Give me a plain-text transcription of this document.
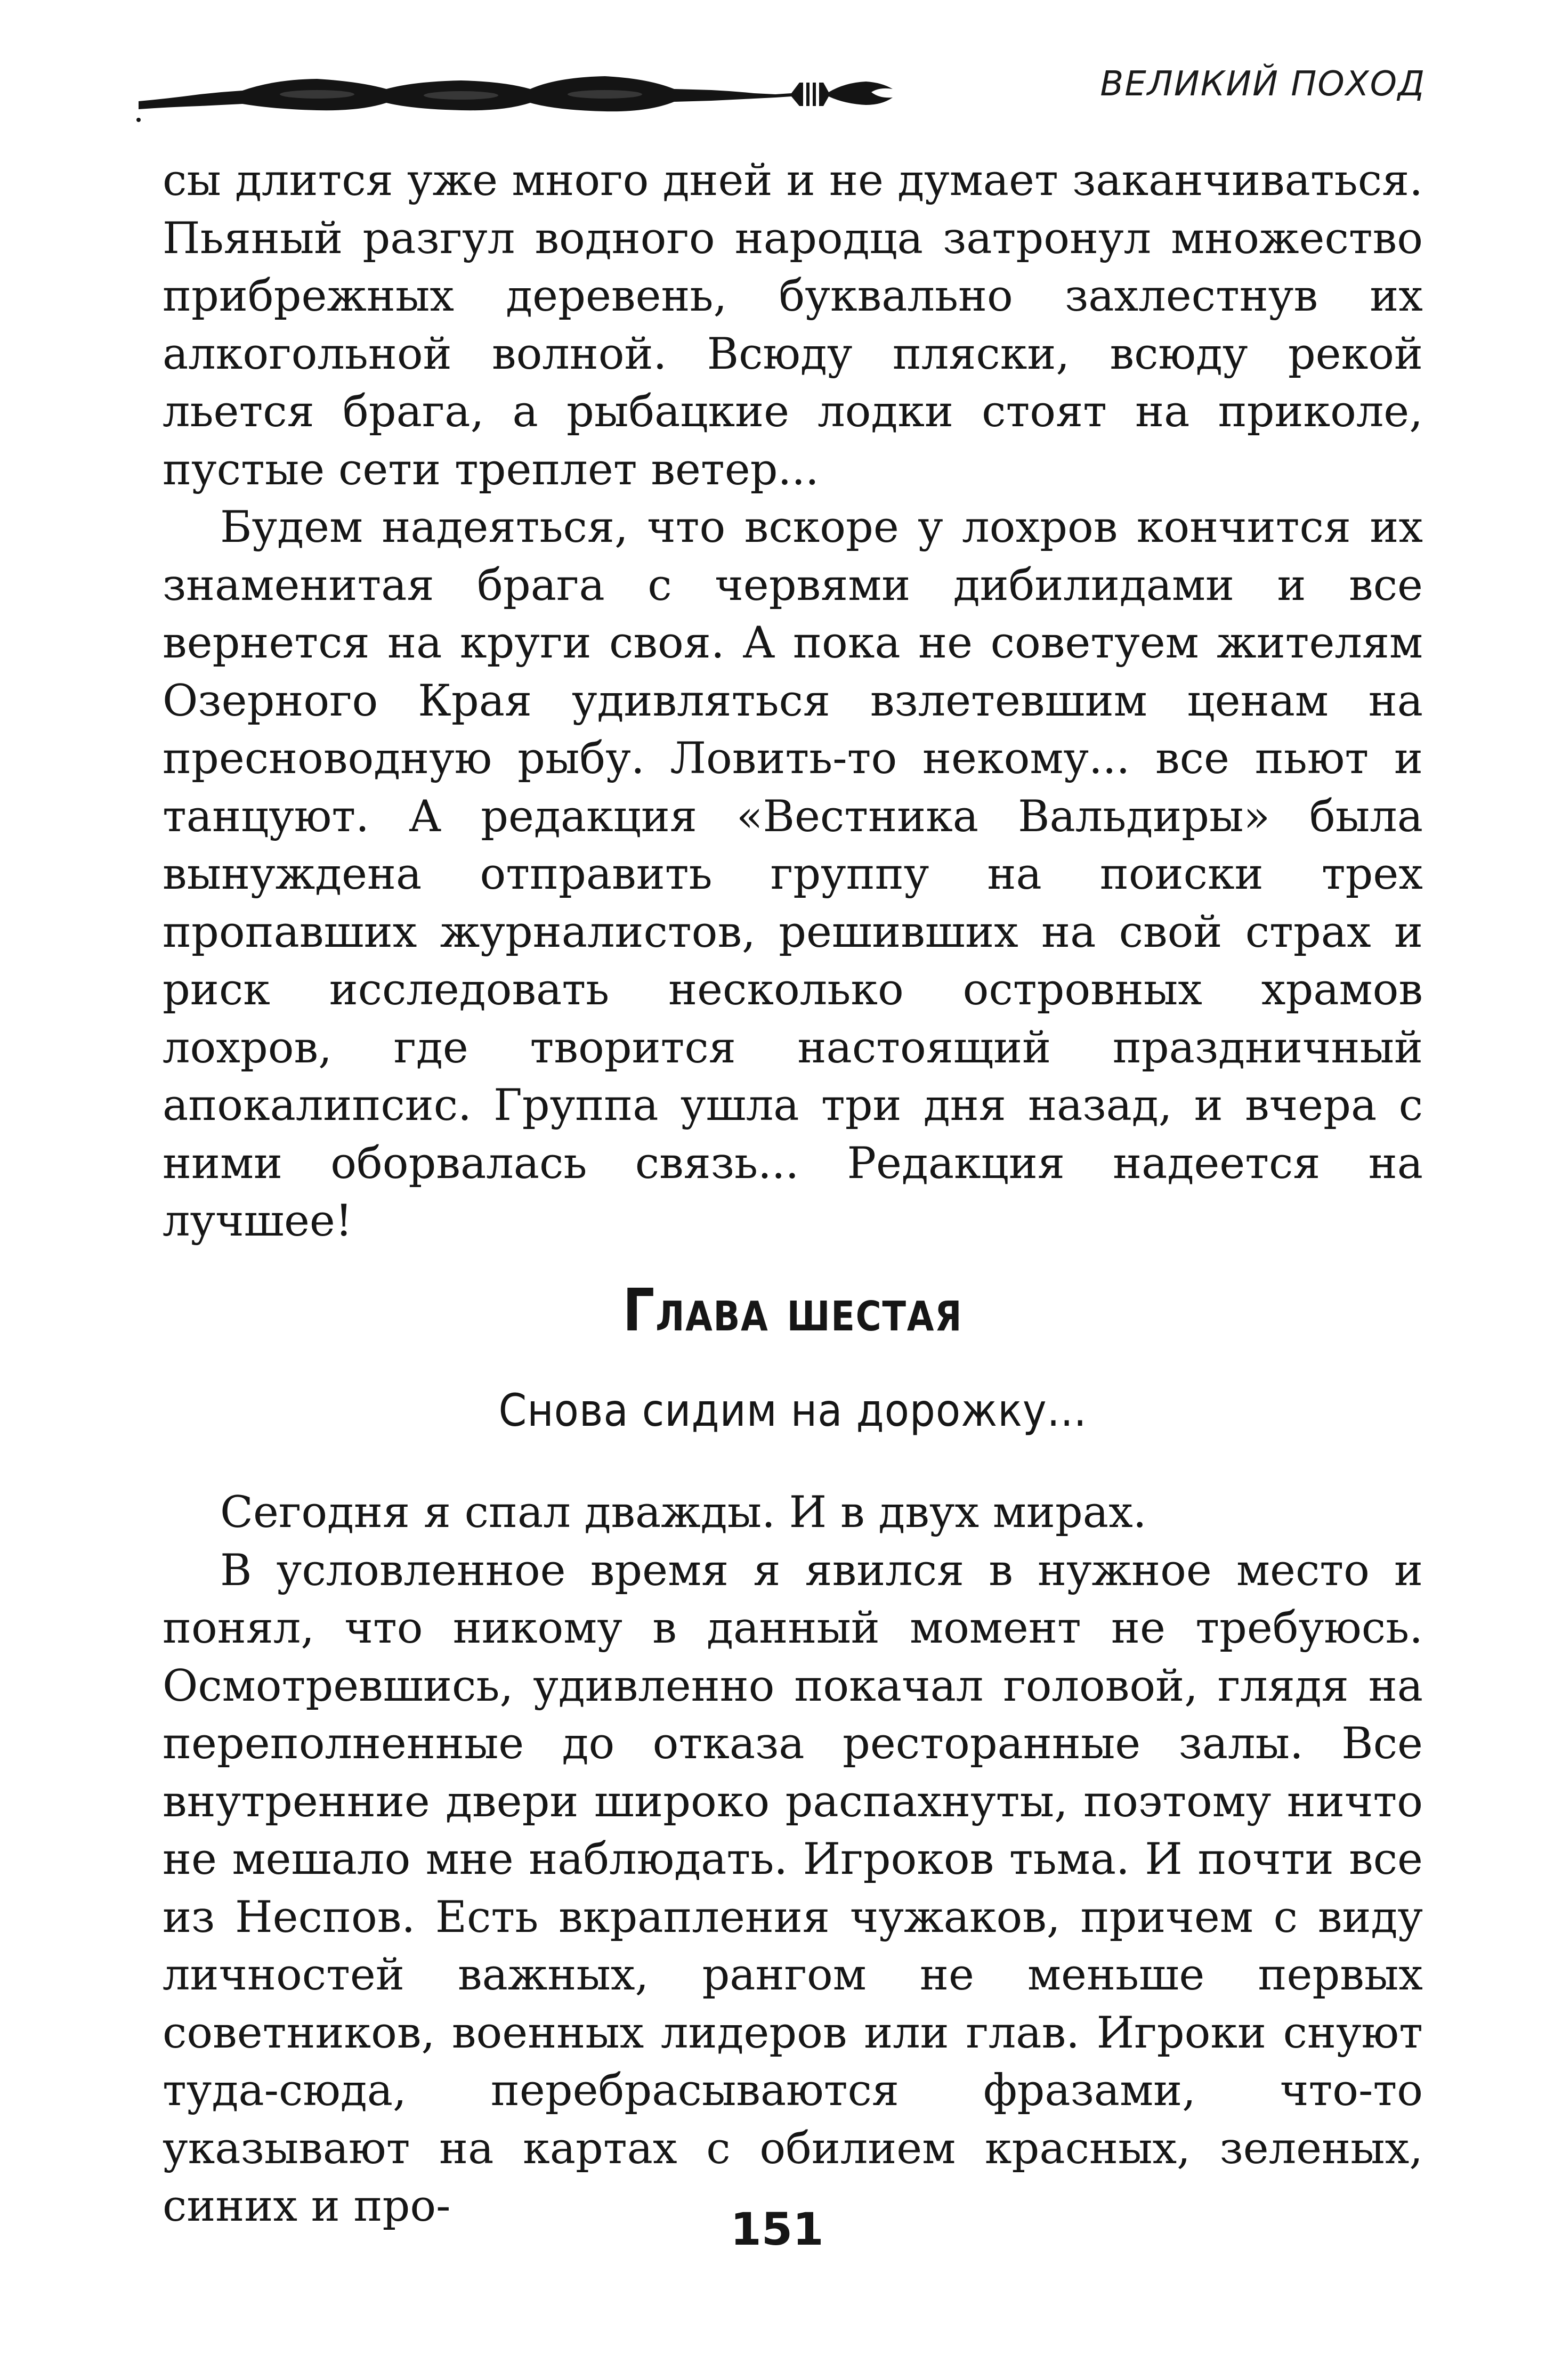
ВЕЛИКИЙ ПОХОД

сы длится уже много дней и не думает заканчиваться. Пьяный разгул водного народца затронул множество прибрежных деревень, буквально захлестнув их алкогольной волной. Всюду пляски, всюду рекой льется брага, а рыбацкие лодки стоят на приколе, пустые сети треплет ветер...

Будем надеяться, что вскоре у лохров кончится их знаменитая брага с червями дибилидами и все вернется на круги своя. А пока не советуем жителям Озерного Края удивляться взлетевшим ценам на пресноводную рыбу. Ловить-то некому... все пьют и танцуют. А редакция «Вестника Вальдиры» была вынуждена отправить группу на поиски трех пропавших журналистов, решивших на свой страх и риск исследовать несколько островных храмов лохров, где творится настоящий праздничный апокалипсис. Группа ушла три дня назад, и вчера с ними оборвалась связь... Редакция надеется на лучшее!

Глава шестая
Снова сидим на дорожку...

Сегодня я спал дважды. И в двух мирах.

В условленное время я явился в нужное место и понял, что никому в данный момент не требуюсь. Осмотревшись, удивленно покачал головой, глядя на переполненные до отказа ресторанные залы. Все внутренние двери широко распахнуты, поэтому ничто не мешало мне наблюдать. Игроков тьма. И почти все из Неспов. Есть вкрапления чужаков, причем с виду личностей важных, рангом не меньше первых советников, военных лидеров или глав. Игроки снуют туда-сюда, перебрасываются фразами, что-то указывают на картах с обилием красных, зеленых, синих и про-	151
